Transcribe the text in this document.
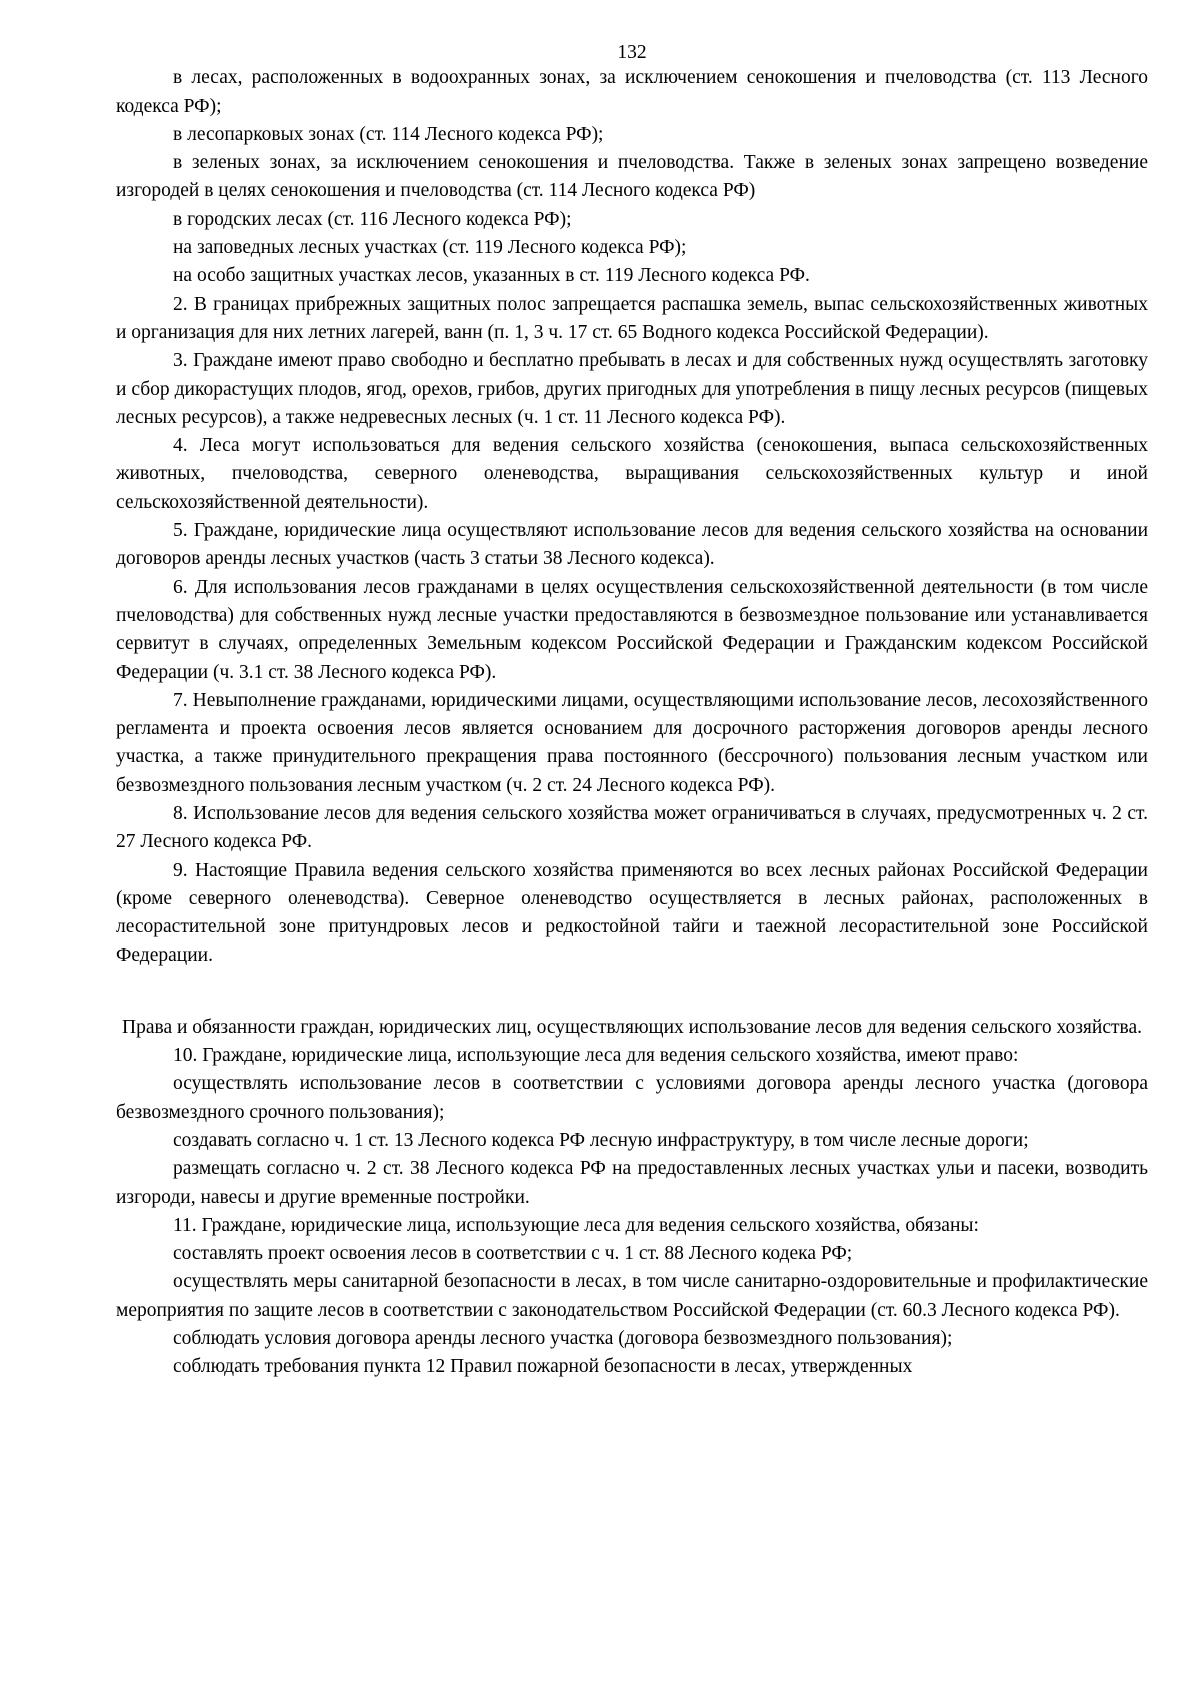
132

в лесах, расположенных в водоохранных зонах, за исключением сенокошения и пчеловодства (ст. 113 Лесного кодекса РФ);

в лесопарковых зонах (ст. 114 Лесного кодекса РФ);

в зеленых зонах, за исключением сенокошения и пчеловодства. Также в зеленых зонах запрещено возведение изгородей в целях сенокошения и пчеловодства (ст. 114 Лесного кодекса РФ)

в городских лесах (ст. 116 Лесного кодекса РФ);

на заповедных лесных участках (ст. 119 Лесного кодекса РФ);

на особо защитных участках лесов, указанных в ст. 119 Лесного кодекса РФ.

2. В границах прибрежных защитных полос запрещается распашка земель, выпас сельскохозяйственных животных и организация для них летних лагерей, ванн (п. 1, 3 ч. 17 ст. 65 Водного кодекса Российской Федерации).

3. Граждане имеют право свободно и бесплатно пребывать в лесах и для собственных нужд осуществлять заготовку и сбор дикорастущих плодов, ягод, орехов, грибов, других пригодных для употребления в пищу лесных ресурсов (пищевых лесных ресурсов), а также недревесных лесных (ч. 1 ст. 11 Лесного кодекса РФ).

4. Леса могут использоваться для ведения сельского хозяйства (сенокошения, выпаса сельскохозяйственных животных, пчеловодства, северного оленеводства, выращивания сельскохозяйственных культур и иной сельскохозяйственной деятельности).

5. Граждане, юридические лица осуществляют использование лесов для ведения сельского хозяйства на основании договоров аренды лесных участков (часть 3 статьи 38 Лесного кодекса).

6. Для использования лесов гражданами в целях осуществления сельскохозяйственной деятельности (в том числе пчеловодства) для собственных нужд лесные участки предоставляются в безвозмездное пользование или устанавливается сервитут в случаях, определенных Земельным кодексом Российской Федерации и Гражданским кодексом Российской Федерации (ч. 3.1 ст. 38 Лесного кодекса РФ).

7. Невыполнение гражданами, юридическими лицами, осуществляющими использование лесов, лесохозяйственного регламента и проекта освоения лесов является основанием для досрочного расторжения договоров аренды лесного участка, а также принудительного прекращения права постоянного (бессрочного) пользования лесным участком или безвозмездного пользования лесным участком (ч. 2 ст. 24 Лесного кодекса РФ).

8. Использование лесов для ведения сельского хозяйства может ограничиваться в случаях, предусмотренных ч. 2 ст. 27 Лесного кодекса РФ.

9. Настоящие Правила ведения сельского хозяйства применяются во всех лесных районах Российской Федерации (кроме северного оленеводства). Северное оленеводство осуществляется в лесных районах, расположенных в лесорастительной зоне притундровых лесов и редкостойной тайги и таежной лесорастительной зоне Российской Федерации.

Права и обязанности граждан, юридических лиц, осуществляющих использование лесов для ведения сельского хозяйства.

10. Граждане, юридические лица, использующие леса для ведения сельского хозяйства, имеют право:

осуществлять использование лесов в соответствии с условиями договора аренды лесного участка (договора безвозмездного срочного пользования);

создавать согласно ч. 1 ст. 13 Лесного кодекса РФ лесную инфраструктуру, в том числе лесные дороги;

размещать согласно ч. 2 ст. 38 Лесного кодекса РФ на предоставленных лесных участках ульи и пасеки, возводить изгороди, навесы и другие временные постройки.

11. Граждане, юридические лица, использующие леса для ведения сельского хозяйства, обязаны:

составлять проект освоения лесов в соответствии с ч. 1 ст. 88 Лесного кодека РФ;

осуществлять меры санитарной безопасности в лесах, в том числе санитарно-оздоровительные и профилактические мероприятия по защите лесов в соответствии с законодательством Российской Федерации (ст. 60.3 Лесного кодекса РФ).

соблюдать условия договора аренды лесного участка (договора безвозмездного пользования);

соблюдать требования пункта 12 Правил пожарной безопасности в лесах, утвержденных
